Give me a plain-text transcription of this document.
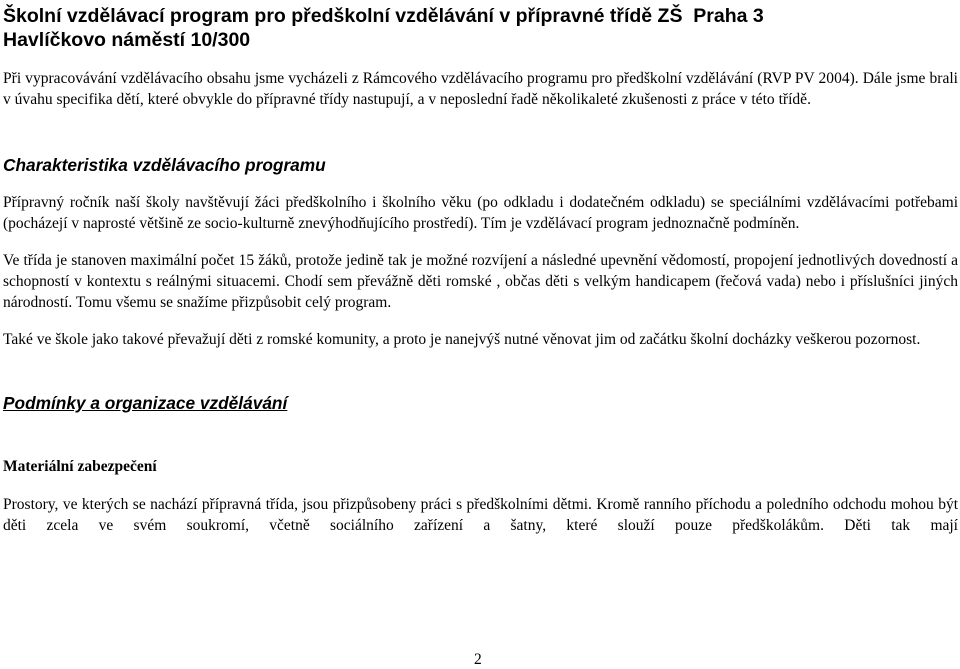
Školní vzdělávací program pro předškolní vzdělávání v přípravné třídě ZŠ  Praha 3
Havlíčkovo náměstí 10/300

Při vypracovávání vzdělávacího obsahu jsme vycházeli z Rámcového vzdělávacího programu pro předškolní vzdělávání (RVP PV 2004). Dále jsme brali v úvahu specifika dětí, které obvykle do přípravné třídy nastupují, a v neposlední řadě několikaleté zkušenosti z práce v této třídě.

Charakteristika vzdělávacího programu

Přípravný ročník naší školy navštěvují žáci předškolního i školního věku (po odkladu i dodatečném odkladu) se speciálními vzdělávacími potřebami (pocházejí v naprosté většině ze socio-kulturně znevýhodňujícího prostředí). Tím je vzdělávací program jednoznačně podmíněn.

Ve třída je stanoven maximální počet 15 žáků, protože jedině tak je možné rozvíjení a následné upevnění vědomostí, propojení jednotlivých dovedností a schopností v kontextu s reálnými situacemi. Chodí sem převážně děti romské , občas děti s velkým handicapem (řečová vada) nebo i příslušníci jiných národností. Tomu všemu se snažíme přizpůsobit celý program.

Také ve škole jako takové převažují děti z romské komunity, a proto je nanejvýš nutné věnovat jim od začátku školní docházky veškerou pozornost.

Podmínky a organizace vzdělávání
Materiální zabezpečení

Prostory, ve kterých se nachází přípravná třída, jsou přizpůsobeny práci s předškolními dětmi. Kromě ranního příchodu a poledního odchodu mohou být děti zcela ve svém soukromí, včetně sociálního zařízení a šatny, které slouží pouze předškolákům. Děti tak mají

2
